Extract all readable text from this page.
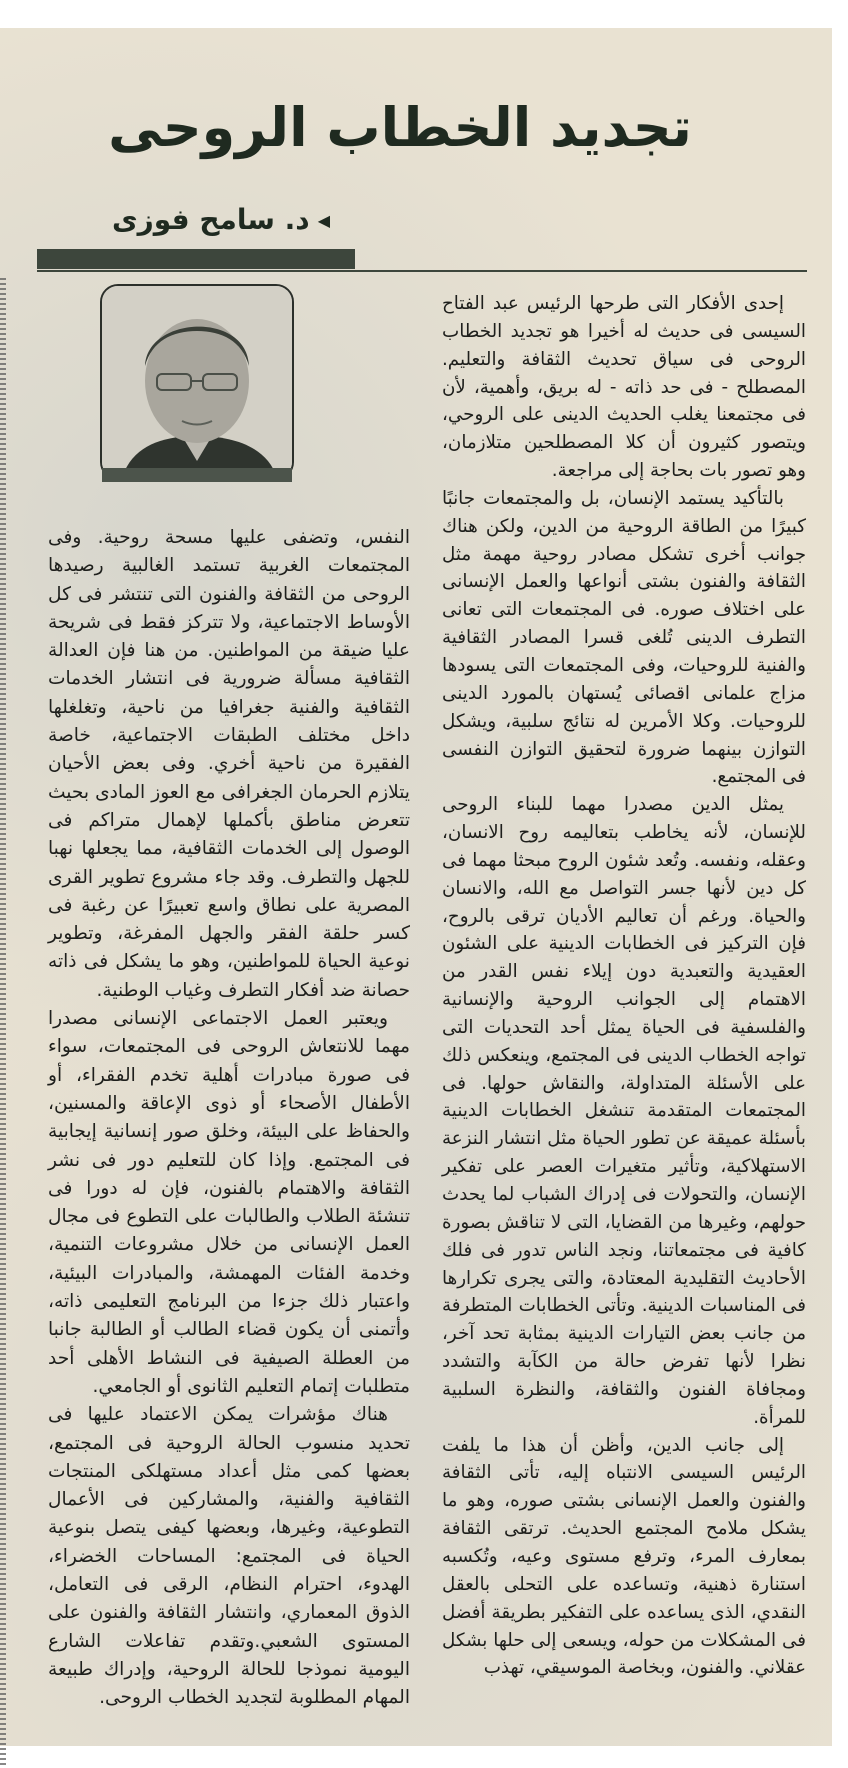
تجديد الخطاب الروحى
◀د. سامح فوزى

إحدى الأفكار التى طرحها الرئيس عبد الفتاح السيسى فى حديث له أخيرا هو تجديد الخطاب الروحى فى سياق تحديث الثقافة والتعليم. المصطلح - فى حد ذاته - له بريق، وأهمية، لأن فى مجتمعنا يغلب الحديث الدينى على الروحي، ويتصور كثيرون أن كلا المصطلحين متلازمان، وهو تصور بات بحاجة إلى مراجعة.

بالتأكيد يستمد الإنسان، بل والمجتمعات جانبًا كبيرًا من الطاقة الروحية من الدين، ولكن هناك جوانب أخرى تشكل مصادر روحية مهمة مثل الثقافة والفنون بشتى أنواعها والعمل الإنسانى على اختلاف صوره. فى المجتمعات التى تعانى التطرف الدينى تُلغى قسرا المصادر الثقافية والفنية للروحيات، وفى المجتمعات التى يسودها مزاج علمانى اقصائى يُستهان بالمورد الدينى للروحيات. وكلا الأمرين له نتائج سلبية، ويشكل التوازن بينهما ضرورة لتحقيق التوازن النفسى فى المجتمع.

يمثل الدين مصدرا مهما للبناء الروحى للإنسان، لأنه يخاطب بتعاليمه روح الانسان، وعقله، ونفسه. وتُعد شئون الروح مبحثا مهما فى كل دين لأنها جسر التواصل مع الله، والانسان والحياة. ورغم أن تعاليم الأديان ترقى بالروح، فإن التركيز فى الخطابات الدينية على الشئون العقيدية والتعبدية دون إيلاء نفس القدر من الاهتمام إلى الجوانب الروحية والإنسانية والفلسفية فى الحياة يمثل أحد التحديات التى تواجه الخطاب الدينى فى المجتمع، وينعكس ذلك على الأسئلة المتداولة، والنقاش حولها. فى المجتمعات المتقدمة تنشغل الخطابات الدينية بأسئلة عميقة عن تطور الحياة مثل انتشار النزعة الاستهلاكية، وتأثير متغيرات العصر على تفكير الإنسان، والتحولات فى إدراك الشباب لما يحدث حولهم، وغيرها من القضايا، التى لا تناقش بصورة كافية فى مجتمعاتنا، ونجد الناس تدور فى فلك الأحاديث التقليدية المعتادة، والتى يجرى تكرارها فى المناسبات الدينية. وتأتى الخطابات المتطرفة من جانب بعض التيارات الدينية بمثابة تحد آخر، نظرا لأنها تفرض حالة من الكآبة والتشدد ومجافاة الفنون والثقافة، والنظرة السلبية للمرأة.

إلى جانب الدين، وأظن أن هذا ما يلفت الرئيس السيسى الانتباه إليه، تأتى الثقافة والفنون والعمل الإنسانى بشتى صوره، وهو ما يشكل ملامح المجتمع الحديث. ترتقى الثقافة بمعارف المرء، وترفع مستوى وعيه، وتُكسبه استنارة ذهنية، وتساعده على التحلى بالعقل النقدي، الذى يساعده على التفكير بطريقة أفضل فى المشكلات من حوله، ويسعى إلى حلها بشكل عقلاني. والفنون، وبخاصة الموسيقي، تهذب

النفس، وتضفى عليها مسحة روحية. وفى المجتمعات الغربية تستمد الغالبية رصيدها الروحى من الثقافة والفنون التى تنتشر فى كل الأوساط الاجتماعية، ولا تتركز فقط فى شريحة عليا ضيقة من المواطنين. من هنا فإن العدالة الثقافية مسألة ضرورية فى انتشار الخدمات الثقافية والفنية جغرافيا من ناحية، وتغلغلها داخل مختلف الطبقات الاجتماعية، خاصة الفقيرة من ناحية أخري. وفى بعض الأحيان يتلازم الحرمان الجغرافى مع العوز المادى بحيث تتعرض مناطق بأكملها لإهمال متراكم فى الوصول إلى الخدمات الثقافية، مما يجعلها نهبا للجهل والتطرف. وقد جاء مشروع تطوير القرى المصرية على نطاق واسع تعبيرًا عن رغبة فى كسر حلقة الفقر والجهل المفرغة، وتطوير نوعية الحياة للمواطنين، وهو ما يشكل فى ذاته حصانة ضد أفكار التطرف وغياب الوطنية.

ويعتبر العمل الاجتماعى الإنسانى مصدرا مهما للانتعاش الروحى فى المجتمعات، سواء فى صورة مبادرات أهلية تخدم الفقراء، أو الأطفال الأصحاء أو ذوى الإعاقة والمسنين، والحفاظ على البيئة، وخلق صور إنسانية إيجابية فى المجتمع. وإذا كان للتعليم دور فى نشر الثقافة والاهتمام بالفنون، فإن له دورا فى تنشئة الطلاب والطالبات على التطوع فى مجال العمل الإنسانى من خلال مشروعات التنمية، وخدمة الفئات المهمشة، والمبادرات البيئية، واعتبار ذلك جزءا من البرنامج التعليمى ذاته، وأتمنى أن يكون قضاء الطالب أو الطالبة جانبا من العطلة الصيفية فى النشاط الأهلى أحد متطلبات إتمام التعليم الثانوى أو الجامعي.

هناك مؤشرات يمكن الاعتماد عليها فى تحديد منسوب الحالة الروحية فى المجتمع، بعضها كمى مثل أعداد مستهلكى المنتجات الثقافية والفنية، والمشاركين فى الأعمال التطوعية، وغيرها، وبعضها كيفى يتصل بنوعية الحياة فى المجتمع: المساحات الخضراء، الهدوء، احترام النظام، الرقى فى التعامل، الذوق المعماري، وانتشار الثقافة والفنون على المستوى الشعبي.وتقدم تفاعلات الشارع اليومية نموذجا للحالة الروحية، وإدراك طبيعة المهام المطلوبة لتجديد الخطاب الروحى.
